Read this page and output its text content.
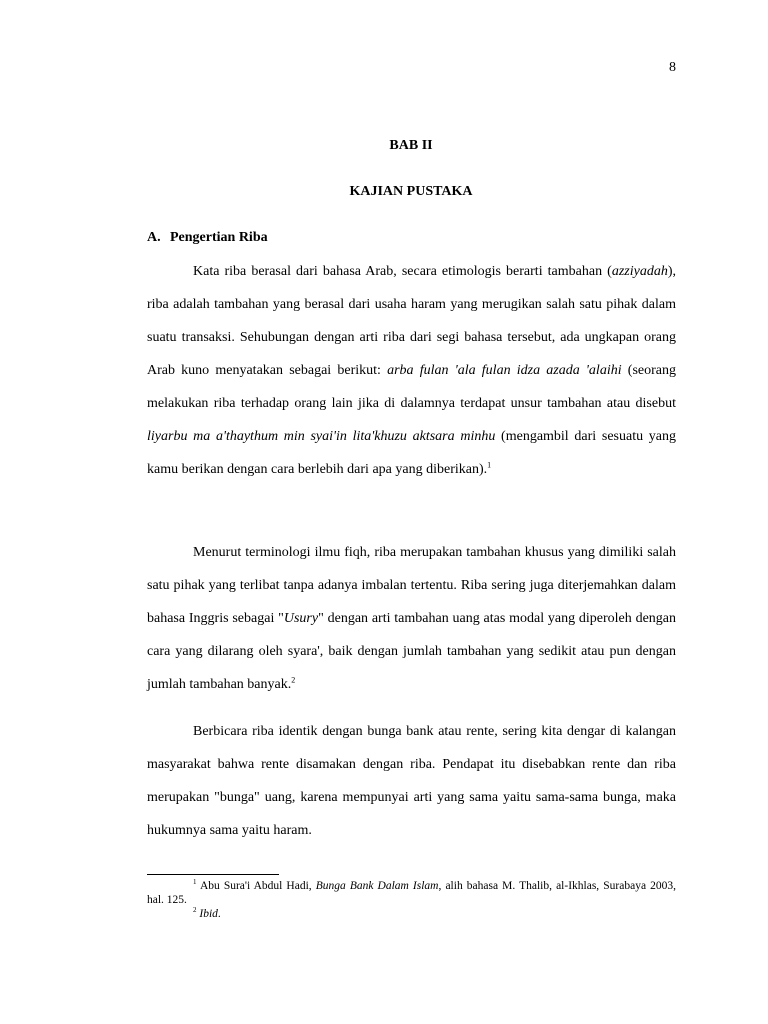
8
BAB II
KAJIAN PUSTAKA
A. Pengertian Riba

Kata riba berasal dari bahasa Arab, secara etimologis berarti tambahan (azziyadah), riba adalah tambahan yang berasal dari usaha haram yang merugikan salah satu pihak dalam suatu transaksi. Sehubungan dengan arti riba dari segi bahasa tersebut, ada ungkapan orang Arab kuno menyatakan sebagai berikut: arba fulan 'ala fulan idza azada 'alaihi (seorang melakukan riba terhadap orang lain jika di dalamnya terdapat unsur tambahan atau disebut liyarbu ma a'thaythum min syai'in lita'khuzu aktsara minhu (mengambil dari sesuatu yang kamu berikan dengan cara berlebih dari apa yang diberikan).$^1$

Menurut terminologi ilmu fiqh, riba merupakan tambahan khusus yang dimiliki salah satu pihak yang terlibat tanpa adanya imbalan tertentu. Riba sering juga diterjemahkan dalam bahasa Inggris sebagai "Usury" dengan arti tambahan uang atas modal yang diperoleh dengan cara yang dilarang oleh syara', baik dengan jumlah tambahan yang sedikit atau pun dengan jumlah tambahan banyak.$^2$

Berbicara riba identik dengan bunga bank atau rente, sering kita dengar di kalangan masyarakat bahwa rente disamakan dengan riba. Pendapat itu disebabkan rente dan riba merupakan "bunga" uang, karena mempunyai arti yang sama yaitu sama-sama bunga, maka hukumnya sama yaitu haram.

$^1$ Abu Sura'i Abdul Hadi, Bunga Bank Dalam Islam, alih bahasa M. Thalib, al-Ikhlas, Surabaya 2003, hal. 125.

$^2$ Ibid.
